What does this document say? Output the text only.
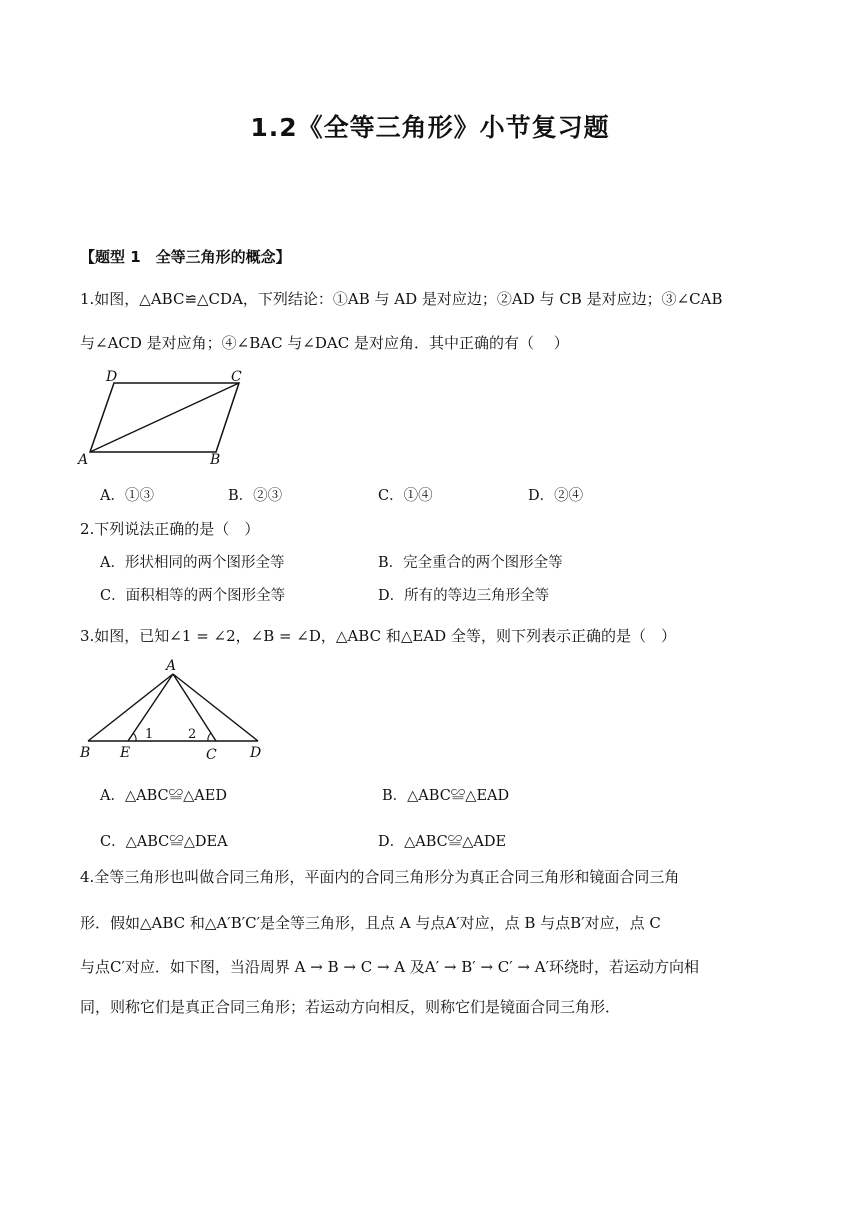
1.2《全等三角形》小节复习题
【题型 1　全等三角形的概念】
1.如图，△ABC≌△CDA，下列结论：①AB 与 AD 是对应边；②AD 与 CB 是对应边；③∠CAB
与∠ACD 是对应角；④∠BAC 与∠DAC 是对应角．其中正确的有（　 ）
D	C
A	B
A．①③	B．②③	C．①④	D．②④
2.下列说法正确的是（　）
A．形状相同的两个图形全等	B．完全重合的两个图形全等
C．面积相等的两个图形全等	D．所有的等边三角形全等
3.如图，已知∠1 = ∠2，∠B = ∠D，△ABC 和△EAD 全等，则下列表示正确的是（　）
A
B E	C D
1	2
A．△ABC≌△AED	B．△ABC≌△EAD
C．△ABC≌△DEA	D．△ABC≌△ADE
4.全等三角形也叫做合同三角形，平面内的合同三角形分为真正合同三角形和镜面合同三角
形．假如△ABC 和△A′B′C′是全等三角形，且点 A 与点A′对应，点 B 与点B′对应，点 C
与点C′对应．如下图，当沿周界 A → B → C → A 及A′ → B′ → C′ → A′环绕时，若运动方向相
同，则称它们是真正合同三角形；若运动方向相反，则称它们是镜面合同三角形．
